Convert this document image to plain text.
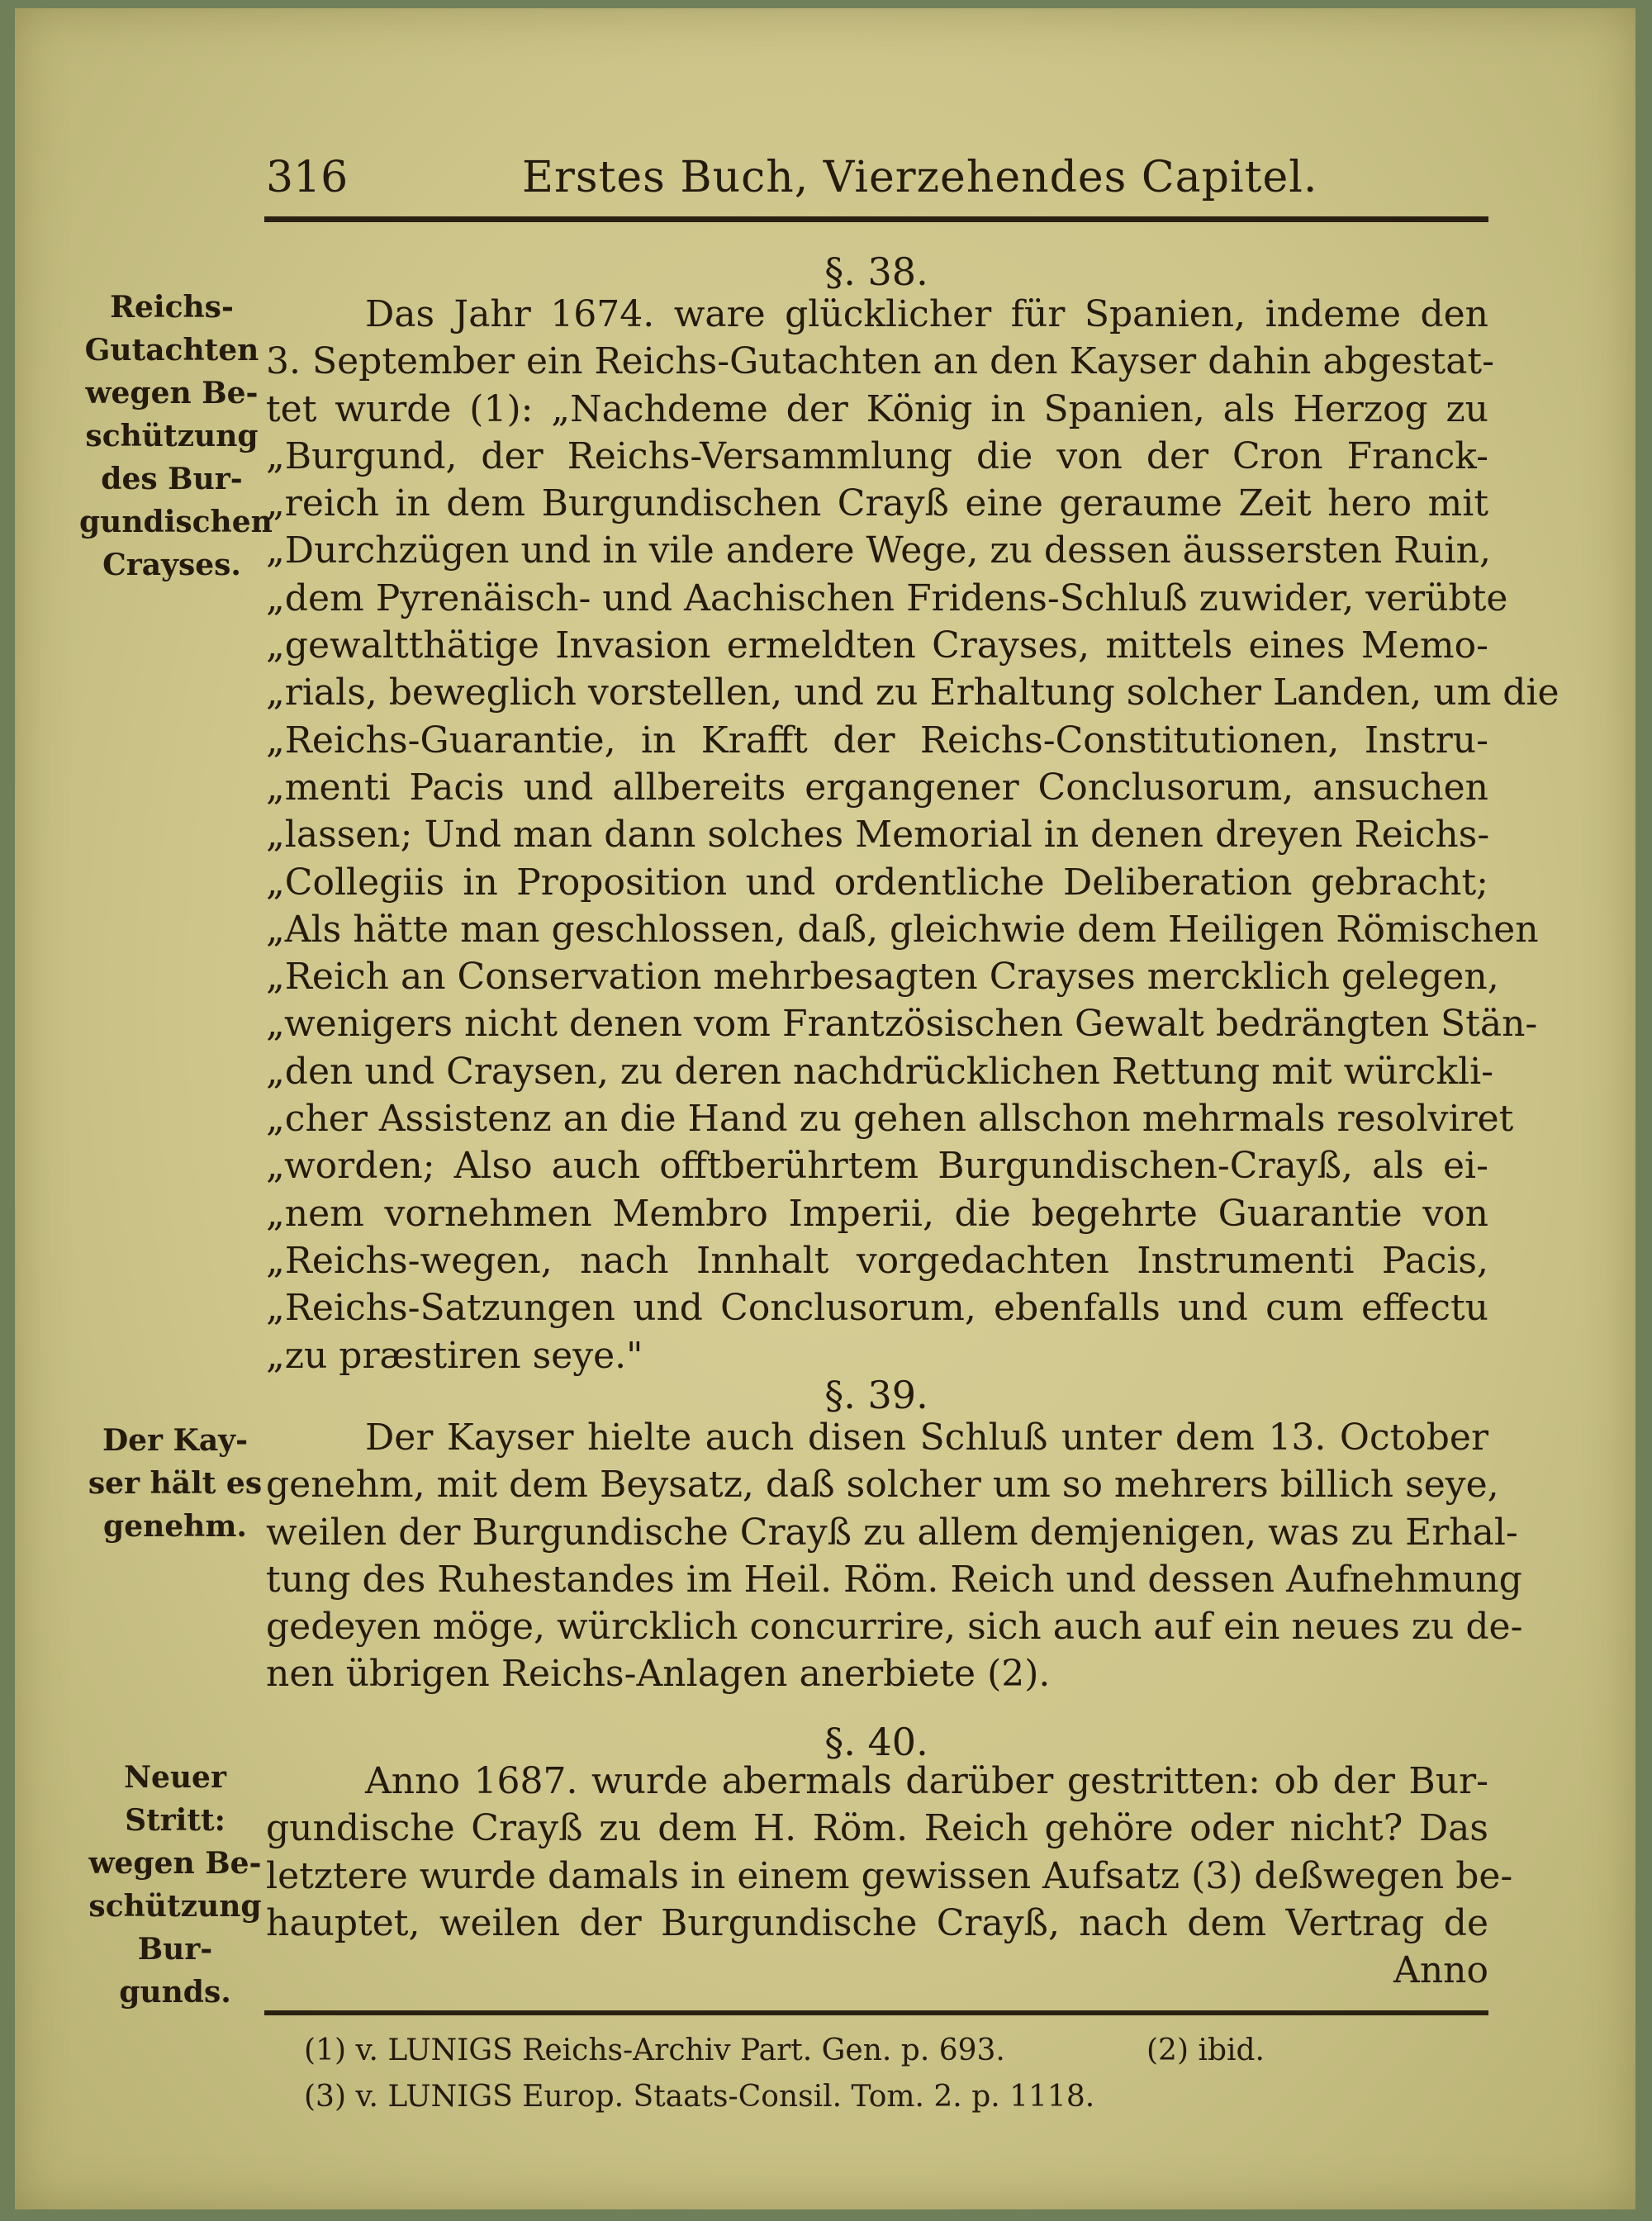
316	Erstes Buch, Vierzehendes Capitel.
§. 38.
Reichs-
Gutachten
wegen Be-
schützung
des Bur-
gundischen
Crayses.
Das Jahr 1674. ware glücklicher für Spanien, indeme den
3. September ein Reichs-Gutachten an den Kayser dahin abgestat-
tet wurde (1): „Nachdeme der König in Spanien, als Herzog zu
„Burgund, der Reichs-Versammlung die von der Cron Franck-
„reich in dem Burgundischen Crayß eine geraume Zeit hero mit
„Durchzügen und in vile andere Wege, zu dessen äussersten Ruin,
„dem Pyrenäisch- und Aachischen Fridens-Schluß zuwider, verübte
„gewaltthätige Invasion ermeldten Crayses, mittels eines Memo-
„rials, beweglich vorstellen, und zu Erhaltung solcher Landen, um die
„Reichs-Guarantie, in Krafft der Reichs-Constitutionen, Instru-
„menti Pacis und allbereits ergangener Conclusorum, ansuchen
„lassen; Und man dann solches Memorial in denen dreyen Reichs-
„Collegiis in Proposition und ordentliche Deliberation gebracht;
„Als hätte man geschlossen, daß, gleichwie dem Heiligen Römischen
„Reich an Conservation mehrbesagten Crayses mercklich gelegen,
„wenigers nicht denen vom Frantzösischen Gewalt bedrängten Stän-
„den und Craysen, zu deren nachdrücklichen Rettung mit würckli-
„cher Assistenz an die Hand zu gehen allschon mehrmals resolviret
„worden; Also auch offtberührtem Burgundischen-Crayß, als ei-
„nem vornehmen Membro Imperii, die begehrte Guarantie von
„Reichs-wegen, nach Innhalt vorgedachten Instrumenti Pacis,
„Reichs-Satzungen und Conclusorum, ebenfalls und cum effectu
„zu præstiren seye."
§. 39.
Der Kay-
ser hält es
genehm.
Der Kayser hielte auch disen Schluß unter dem 13. October
genehm, mit dem Beysatz, daß solcher um so mehrers billich seye,
weilen der Burgundische Crayß zu allem demjenigen, was zu Erhal-
tung des Ruhestandes im Heil. Röm. Reich und dessen Aufnehmung
gedeyen möge, würcklich concurrire, sich auch auf ein neues zu de-
nen übrigen Reichs-Anlagen anerbiete (2).
§. 40.
Neuer
Stritt:
wegen Be-
schützung
Bur-
gunds.
Anno 1687. wurde abermals darüber gestritten: ob der Bur-
gundische Crayß zu dem H. Röm. Reich gehöre oder nicht? Das
letztere wurde damals in einem gewissen Aufsatz (3) deßwegen be-
hauptet, weilen der Burgundische Crayß, nach dem Vertrag de
Anno
(1) v. LUNIGS Reichs-Archiv Part. Gen. p. 693.	(2) ibid.
(3) v. LUNIGS Europ. Staats-Consil. Tom. 2. p. 1118.
